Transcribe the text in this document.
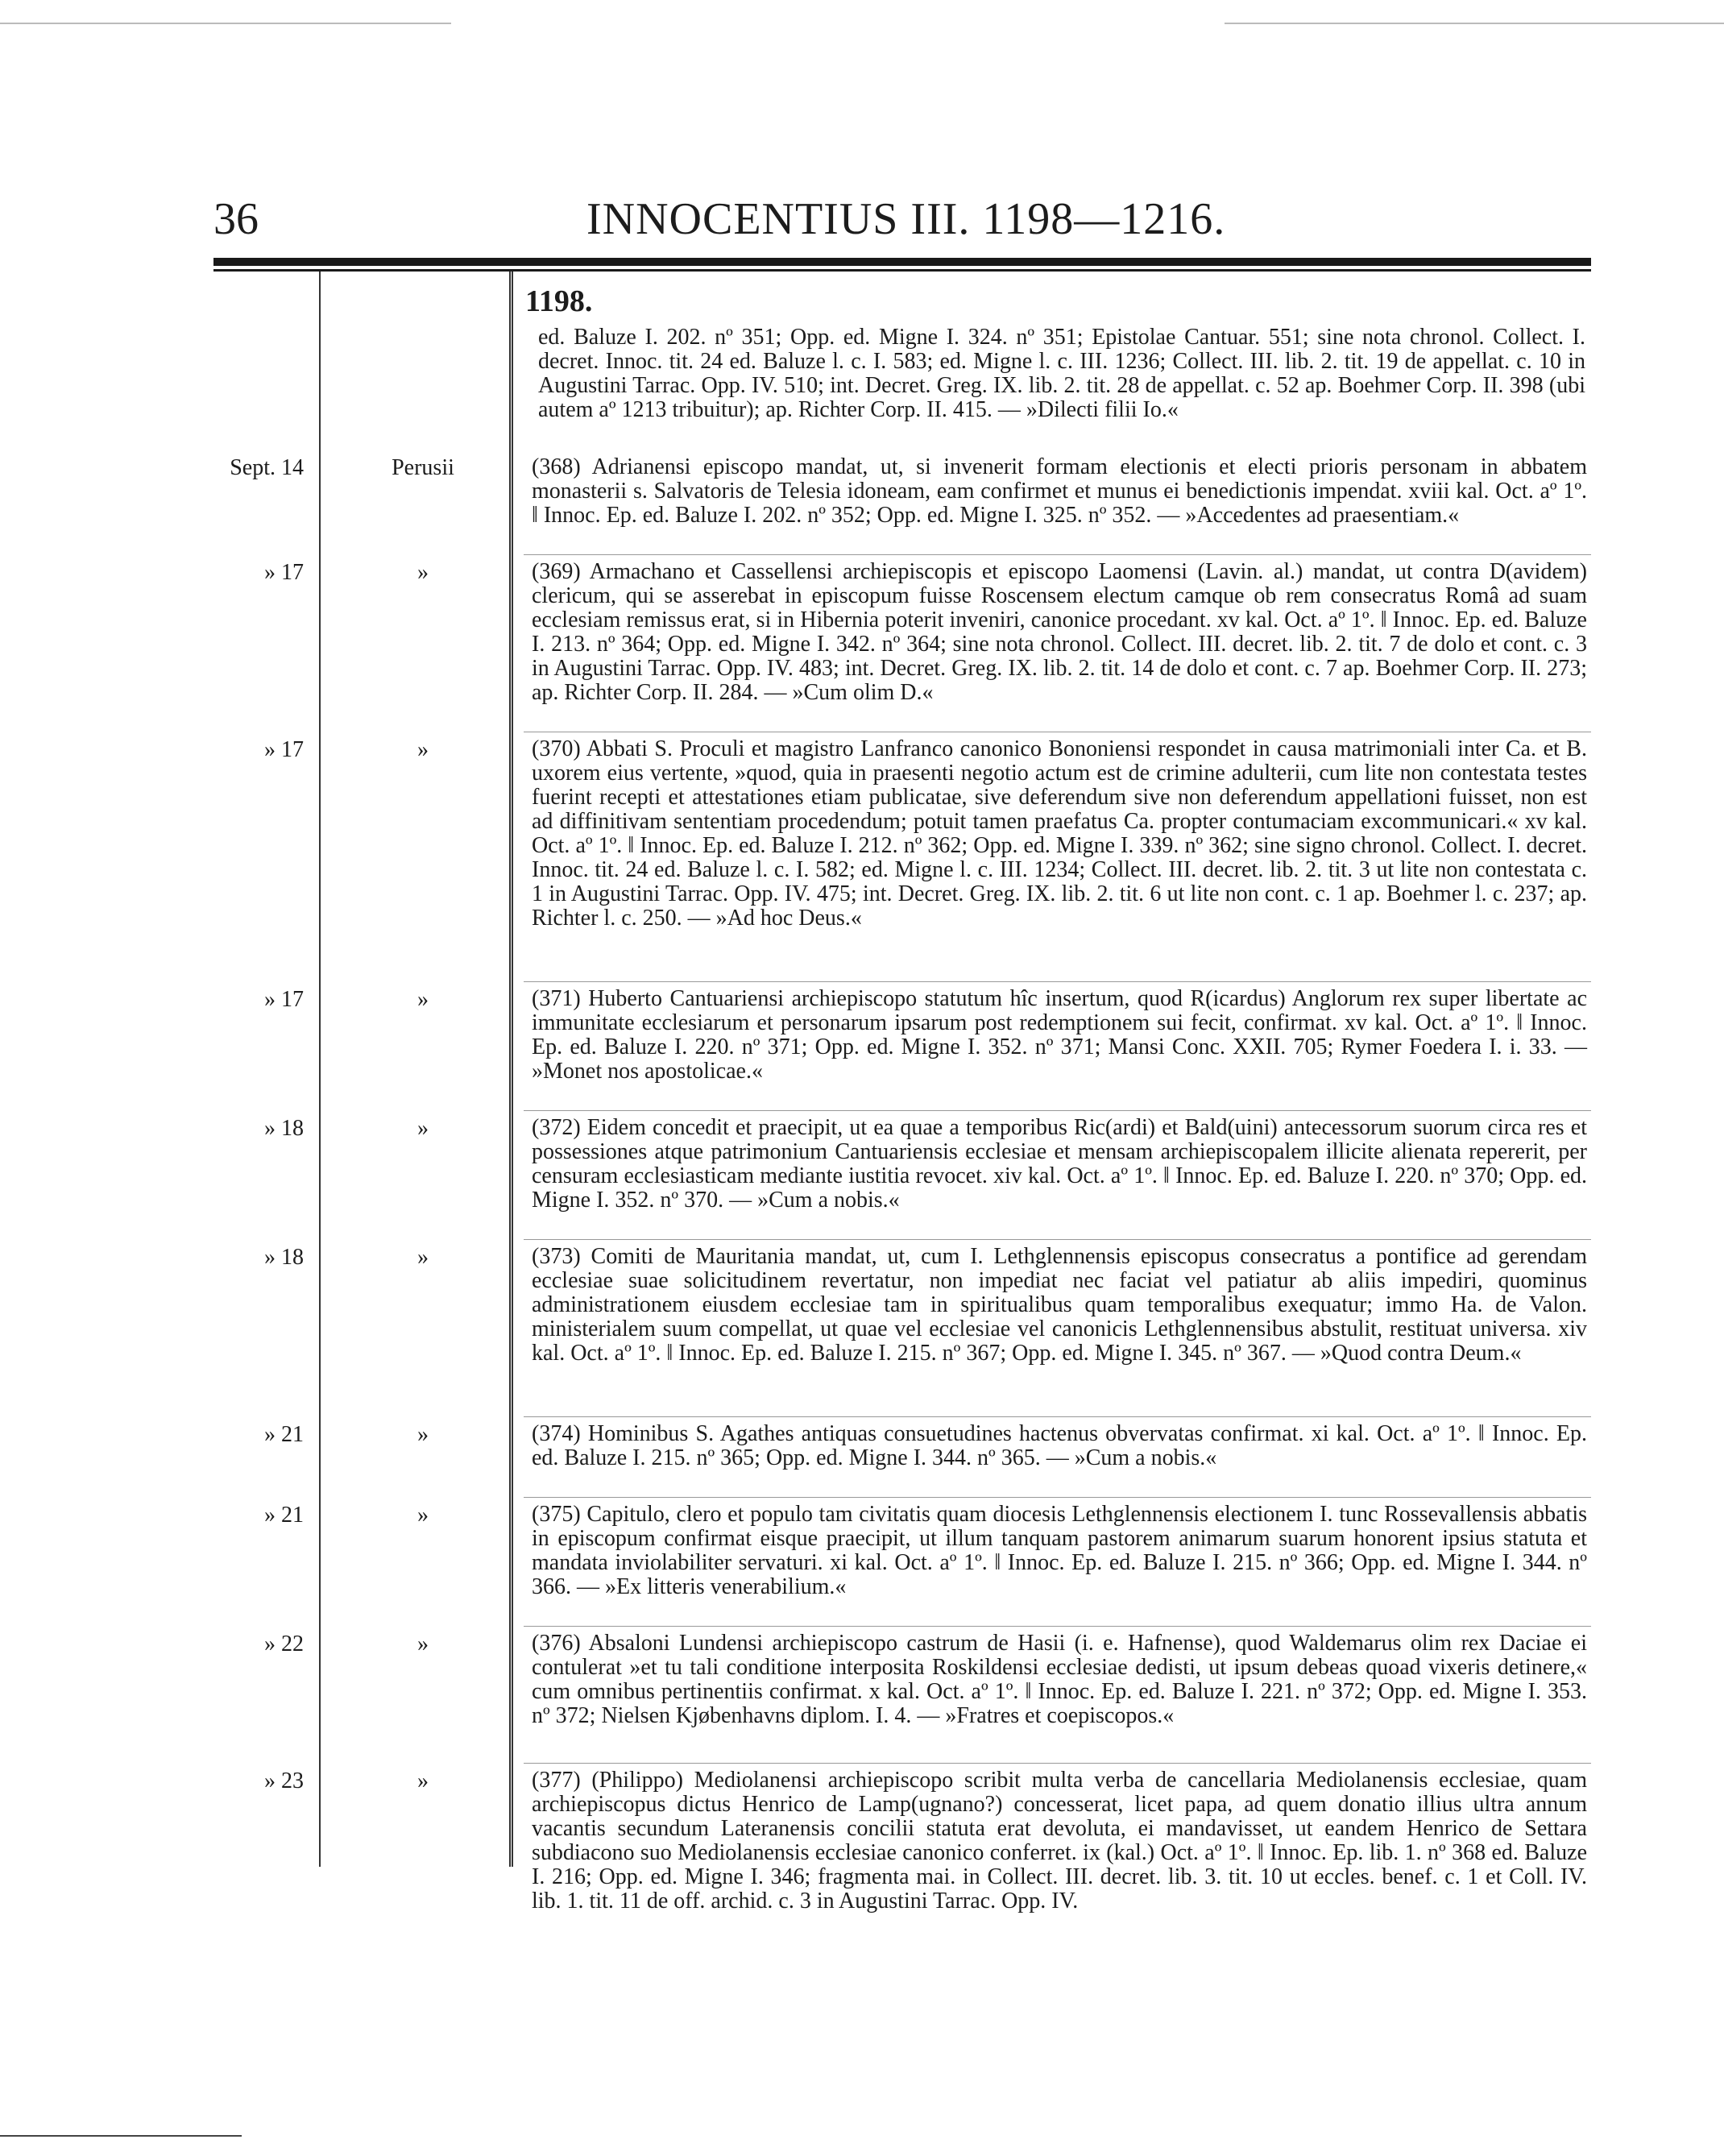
36	INNOCENTIUS III. 1198—1216.
1198.
ed. Baluze I. 202. nº 351; Opp. ed. Migne I. 324. nº 351; Epistolae Cantuar. 551; sine nota chronol. Collect. I. decret. Innoc. tit. 24 ed. Baluze l. c. I. 583; ed. Migne l. c. III. 1236; Collect. III. lib. 2. tit. 19 de appellat. c. 10 in Augustini Tarrac. Opp. IV. 510; int. Decret. Greg. IX. lib. 2. tit. 28 de appellat. c. 52 ap. Boehmer Corp. II. 398 (ubi autem aº 1213 tribuitur); ap. Richter Corp. II. 415. — »Dilecti filii Io.«
Sept. 14	Perusii	(368) Adrianensi episcopo mandat, ut, si invenerit formam electionis et electi prioris personam in abbatem monasterii s. Salvatoris de Telesia idoneam, eam confirmet et munus ei benedictionis impendat. xviii kal. Oct. aº 1º. ‖ Innoc. Ep. ed. Baluze I. 202. nº 352; Opp. ed. Migne I. 325. nº 352. — »Accedentes ad praesentiam.«
» 17	»	(369) Armachano et Cassellensi archiepiscopis et episcopo Laomensi (Lavin. al.) mandat, ut contra D(avidem) clericum, qui se asserebat in episcopum fuisse Roscensem electum camque ob rem consecratus Româ ad suam ecclesiam remissus erat, si in Hibernia poterit inveniri, canonice procedant. xv kal. Oct. aº 1º. ‖ Innoc. Ep. ed. Baluze I. 213. nº 364; Opp. ed. Migne I. 342. nº 364; sine nota chronol. Collect. III. decret. lib. 2. tit. 7 de dolo et cont. c. 3 in Augustini Tarrac. Opp. IV. 483; int. Decret. Greg. IX. lib. 2. tit. 14 de dolo et cont. c. 7 ap. Boehmer Corp. II. 273; ap. Richter Corp. II. 284. — »Cum olim D.«
» 17	»	(370) Abbati S. Proculi et magistro Lanfranco canonico Bononiensi respondet in causa matrimoniali inter Ca. et B. uxorem eius vertente, »quod, quia in praesenti negotio actum est de crimine adulterii, cum lite non contestata testes fuerint recepti et attestationes etiam publicatae, sive deferendum sive non deferendum appellationi fuisset, non est ad diffinitivam sententiam procedendum; potuit tamen praefatus Ca. propter contumaciam excommunicari.« xv kal. Oct. aº 1º. ‖ Innoc. Ep. ed. Baluze I. 212. nº 362; Opp. ed. Migne I. 339. nº 362; sine signo chronol. Collect. I. decret. Innoc. tit. 24 ed. Baluze l. c. I. 582; ed. Migne l. c. III. 1234; Collect. III. decret. lib. 2. tit. 3 ut lite non contestata c. 1 in Augustini Tarrac. Opp. IV. 475; int. Decret. Greg. IX. lib. 2. tit. 6 ut lite non cont. c. 1 ap. Boehmer l. c. 237; ap. Richter l. c. 250. — »Ad hoc Deus.«
» 17	»	(371) Huberto Cantuariensi archiepiscopo statutum hîc insertum, quod R(icardus) Anglorum rex super libertate ac immunitate ecclesiarum et personarum ipsarum post redemptionem sui fecit, confirmat. xv kal. Oct. aº 1º. ‖ Innoc. Ep. ed. Baluze I. 220. nº 371; Opp. ed. Migne I. 352. nº 371; Mansi Conc. XXII. 705; Rymer Foedera I. i. 33. — »Monet nos apostolicae.«
» 18	»	(372) Eidem concedit et praecipit, ut ea quae a temporibus Ric(ardi) et Bald(uini) antecessorum suorum circa res et possessiones atque patrimonium Cantuariensis ecclesiae et mensam archiepiscopalem illicite alienata repererit, per censuram ecclesiasticam mediante iustitia revocet. xiv kal. Oct. aº 1º. ‖ Innoc. Ep. ed. Baluze I. 220. nº 370; Opp. ed. Migne I. 352. nº 370. — »Cum a nobis.«
» 18	»	(373) Comiti de Mauritania mandat, ut, cum I. Lethglennensis episcopus consecratus a pontifice ad gerendam ecclesiae suae solicitudinem revertatur, non impediat nec faciat vel patiatur ab aliis impediri, quominus administrationem eiusdem ecclesiae tam in spiritualibus quam temporalibus exequatur; immo Ha. de Valon. ministerialem suum compellat, ut quae vel ecclesiae vel canonicis Lethglennensibus abstulit, restituat universa. xiv kal. Oct. aº 1º. ‖ Innoc. Ep. ed. Baluze I. 215. nº 367; Opp. ed. Migne I. 345. nº 367. — »Quod contra Deum.«
» 21	»	(374) Hominibus S. Agathes antiquas consuetudines hactenus obvervatas confirmat. xi kal. Oct. aº 1º. ‖ Innoc. Ep. ed. Baluze I. 215. nº 365; Opp. ed. Migne I. 344. nº 365. — »Cum a nobis.«
» 21	»	(375) Capitulo, clero et populo tam civitatis quam diocesis Lethglennensis electionem I. tunc Rossevallensis abbatis in episcopum confirmat eisque praecipit, ut illum tanquam pastorem animarum suarum honorent ipsius statuta et mandata inviolabiliter servaturi. xi kal. Oct. aº 1º. ‖ Innoc. Ep. ed. Baluze I. 215. nº 366; Opp. ed. Migne I. 344. nº 366. — »Ex litteris venerabilium.«
» 22	»	(376) Absaloni Lundensi archiepiscopo castrum de Hasii (i. e. Hafnense), quod Waldemarus olim rex Daciae ei contulerat »et tu tali conditione interposita Roskildensi ecclesiae dedisti, ut ipsum debeas quoad vixeris detinere,« cum omnibus pertinentiis confirmat. x kal. Oct. aº 1º. ‖ Innoc. Ep. ed. Baluze I. 221. nº 372; Opp. ed. Migne I. 353. nº 372; Nielsen Kjøbenhavns diplom. I. 4. — »Fratres et coepiscopos.«
» 23	»	(377) (Philippo) Mediolanensi archiepiscopo scribit multa verba de cancellaria Mediolanensis ecclesiae, quam archiepiscopus dictus Henrico de Lamp(ugnano?) concesserat, licet papa, ad quem donatio illius ultra annum vacantis secundum Lateranensis concilii statuta erat devoluta, ei mandavisset, ut eandem Henrico de Settara subdiacono suo Mediolanensis ecclesiae canonico conferret. ix (kal.) Oct. aº 1º. ‖ Innoc. Ep. lib. 1. nº 368 ed. Baluze I. 216; Opp. ed. Migne I. 346; fragmenta mai. in Collect. III. decret. lib. 3. tit. 10 ut eccles. benef. c. 1 et Coll. IV. lib. 1. tit. 11 de off. archid. c. 3 in Augustini Tarrac. Opp. IV.
